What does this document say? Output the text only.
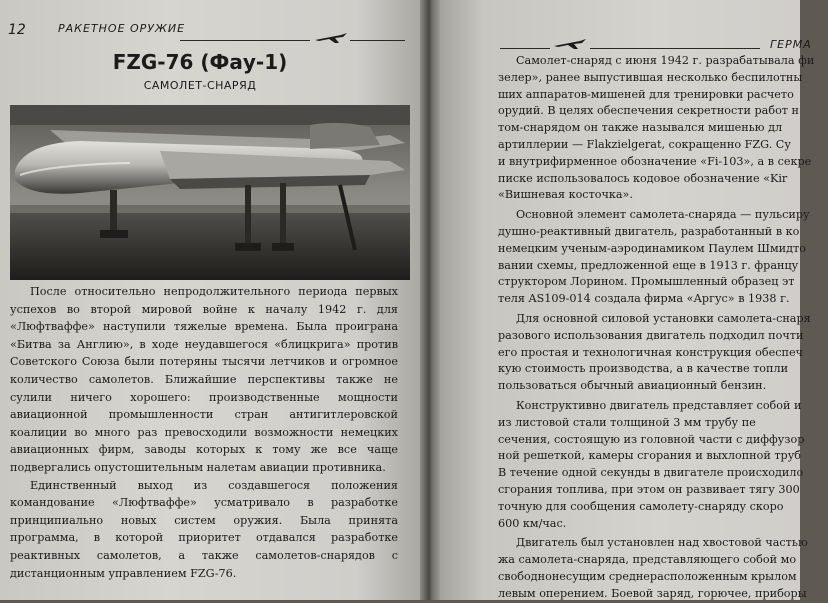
12	РАКЕТНОЕ ОРУЖИЕ
FZG-76 (Фау-1)
САМОЛЕТ-СНАРЯД

После относительно непродолжительного периода первых успехов во второй мировой войне к началу 1942 г. для «Люфтваффе» наступили тяжелые времена. Была проиграна «Битва за Англию», в ходе неудавшегося «блицкрига» против Советского Союза были потеряны тысячи летчиков и огромное количество самолетов. Ближайшие перспективы также не сулили ничего хорошего: производственные мощности авиационной промышленности стран антигитлеровской коалиции во много раз превосходили возможности немецких авиационных фирм, заводы которых к тому же все чаще подвергались опустошительным налетам авиации противника.

Единственный выход из создавшегося положения командование «Люфтваффе» усматривало в разработке принципиально новых систем оружия. Была принята программа, в которой приоритет отдавался разработке реактивных самолетов, а также самолетов-снарядов с дистанционным управлением FZG-76.

ГЕРМА
Самолет-снаряд с июня 1942 г. разрабатывала фи
зелер», ранее выпустившая несколько беспилотны
ших аппаратов-мишеней для тренировки расчето
орудий. В целях обеспечения секретности работ н
том-снарядом он также назывался мишенью дл
артиллерии — Flakzielgerat, сокращенно FZG. Су
и внутрифирменное обозначение «Fi-103», а в секре
писке использовалось кодовое обозначение «Kir
«Вишневая косточка».
Основной элемент самолета-снаряда — пульсиру
душно-реактивный двигатель, разработанный в ко
немецким ученым-аэродинамиком Паулем Шмидто
вании схемы, предложенной еще в 1913 г. францу
структором Лорином. Промышленный образец эт
теля AS109-014 создала фирма «Аргус» в 1938 г.
Для основной силовой установки самолета-снаря
разового использования двигатель подходил почти
его простая и технологичная конструкция обеспеч
кую стоимость производства, а в качестве топли
пользоваться обычный авиационный бензин.
Конструктивно двигатель представляет собой и
из листовой стали толщиной 3 мм трубу пе
сечения, состоящую из головной части с диффузор
ной решеткой, камеры сгорания и выхлопной труб
В течение одной секунды в двигателе происходило
сгорания топлива, при этом он развивает тягу 300
точную для сообщения самолету-снаряду скоро
600 км/час.
Двигатель был установлен над хвостовой частью
жа самолета-снаряда, представляющего собой мо
свободнонесущим среднерасположенным крылом
левым оперением. Боевой заряд, горючее, приборы
